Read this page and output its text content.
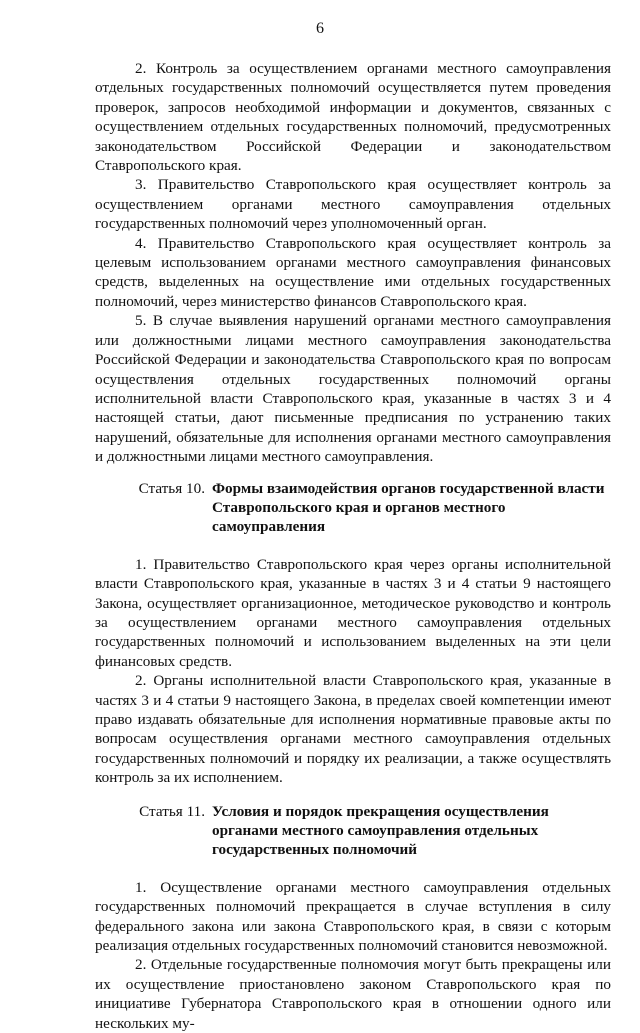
6

2. Контроль за осуществлением органами местного самоуправления отдельных государственных полномочий осуществляется путем проведения проверок, запросов необходимой информации и документов, связанных с осуществлением отдельных государственных полномочий, предусмотренных законодательством Российской Федерации и законодательством Ставропольского края.

3. Правительство Ставропольского края осуществляет контроль за осуществлением органами местного самоуправления отдельных государственных полномочий через уполномоченный орган.

4. Правительство Ставропольского края осуществляет контроль за целевым использованием органами местного самоуправления финансовых средств, выделенных на осуществление ими отдельных государственных полномочий, через министерство финансов Ставропольского края.

5. В случае выявления нарушений органами местного самоуправления или должностными лицами местного самоуправления законодательства Российской Федерации и законодательства Ставропольского края по вопросам осуществления отдельных государственных полномочий органы исполнительной власти Ставропольского края, указанные в частях 3 и 4 настоящей статьи, дают письменные предписания по устранению таких нарушений, обязательные для исполнения органами местного самоуправления и должностными лицами местного самоуправления.

Статья 10. Формы взаимодействия органов государственной власти
Ставропольского края и органов местного самоуправления

1. Правительство Ставропольского края через органы исполнительной власти Ставропольского края, указанные в частях 3 и 4 статьи 9 настоящего Закона, осуществляет организационное, методическое руководство и контроль за осуществлением органами местного самоуправления отдельных государственных полномочий и использованием выделенных на эти цели финансовых средств.

2. Органы исполнительной власти Ставропольского края, указанные в частях 3 и 4 статьи 9 настоящего Закона, в пределах своей компетенции имеют право издавать обязательные для исполнения нормативные правовые акты по вопросам осуществления органами местного самоуправления отдельных государственных полномочий и порядку их реализации, а также осуществлять контроль за их исполнением.

Статья 11. Условия и порядок прекращения осуществления
органами местного самоуправления отдельных
государственных полномочий

1. Осуществление органами местного самоуправления отдельных государственных полномочий прекращается в случае вступления в силу федерального закона или закона Ставропольского края, в связи с которым реализация отдельных государственных полномочий становится невозможной.

2. Отдельные государственные полномочия могут быть прекращены или их осуществление приостановлено законом Ставропольского края по инициативе Губернатора Ставропольского края в отношении одного или нескольких му-
